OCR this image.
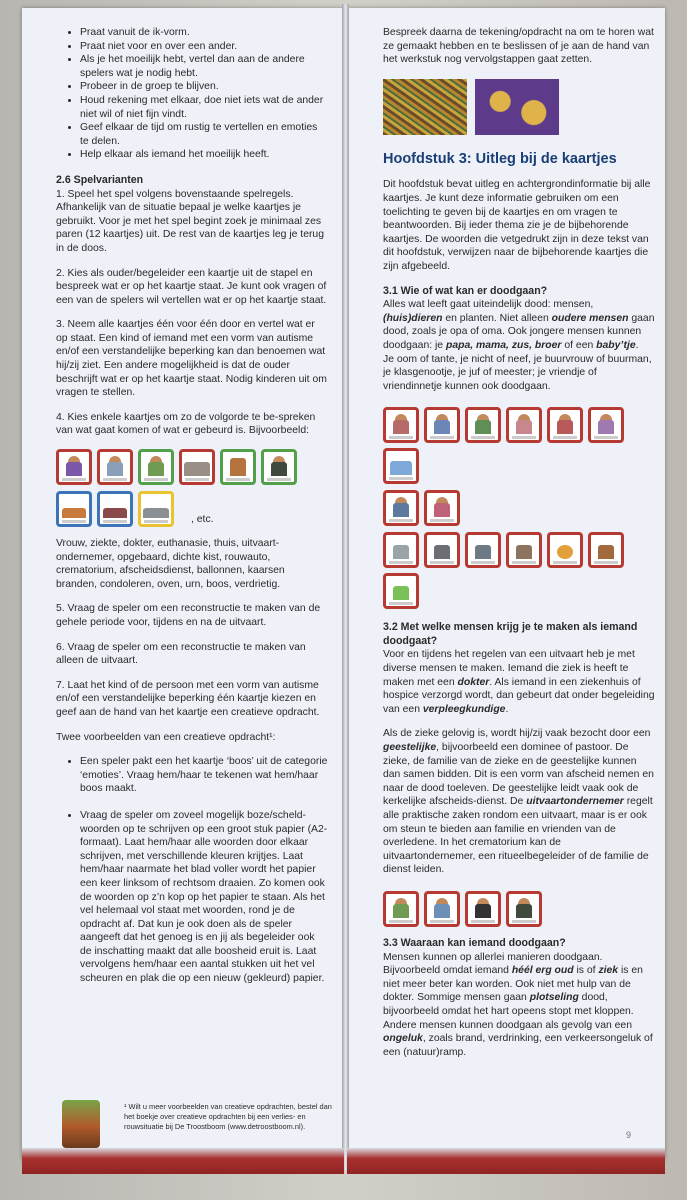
• Praat vanuit de ik-vorm.
• Praat niet voor en over een ander.
• Als je het moeilijk hebt, vertel dan aan de andere spelers wat je nodig hebt.
• Probeer in de groep te blijven.
• Houd rekening met elkaar, doe niet iets wat de ander niet wil of niet fijn vindt.
• Geef elkaar de tijd om rustig te vertellen en emoties te delen.
• Help elkaar als iemand het moeilijk heeft.
2.6 Spelvarianten

1. Speel het spel volgens bovenstaande spelregels. Afhankelijk van de situatie bepaal je welke kaartjes je gebruikt. Voor je met het spel begint zoek je minimaal zes paren (12 kaartjes) uit. De rest van de kaartjes leg je terug in de doos.

2. Kies als ouder/begeleider een kaartje uit de stapel en bespreek wat er op het kaartje staat. Je kunt ook vragen of een van de spelers wil vertellen wat er op het kaartje staat.

3. Neem alle kaartjes één voor één door en vertel wat er op staat. Een kind of iemand met een vorm van autisme en/of een verstandelijke beperking kan dan benoemen wat hij/zij ziet. Een andere mogelijkheid is dat de ouder beschrijft wat er op het kaartje staat. Nodig kinderen uit om vragen te stellen.

4. Kies enkele kaartjes om zo de volgorde te be-spreken van wat gaat komen of wat er gebeurd is. Bijvoorbeeld:

, etc.

Vrouw, ziekte, dokter, euthanasie, thuis, uitvaart-ondernemer, opgebaard, dichte kist, rouwauto, crematorium, afscheidsdienst, ballonnen, kaarsen branden, condoleren, oven, urn, boos, verdrietig.

5. Vraag de speler om een reconstructie te maken van de gehele periode voor, tijdens en na de uitvaart.

6. Vraag de speler om een reconstructie te maken van alleen de uitvaart.

7. Laat het kind of de persoon met een vorm van autisme en/of een verstandelijke beperking één kaartje kiezen en geef aan de hand van het kaartje een creatieve opdracht.

Twee voorbeelden van een creatieve opdracht¹:

• Een speler pakt een het kaartje ‘boos’ uit de categorie ‘emoties’. Vraag hem/haar te tekenen wat hem/haar boos maakt.
• Vraag de speler om zoveel mogelijk boze/scheld-woorden op te schrijven op een groot stuk papier (A2-formaat). Laat hem/haar alle woorden door elkaar schrijven, met verschillende kleuren krijtjes. Laat hem/haar naarmate het blad voller wordt het papier een keer linksom of rechtsom draaien. Zo komen ook de woorden op z’n kop op het papier te staan. Als het vel helemaal vol staat met woorden, rond je de opdracht af. Dat kun je ook doen als de speler aangeeft dat het genoeg is en jij als begeleider ook de inschatting maakt dat alle boosheid eruit is. Laat vervolgens hem/haar een aantal stukken uit het vel scheuren en plak die op een nieuw (gekleurd) papier.
¹ Wilt u meer voorbeelden van creatieve opdrachten, bestel dan het boekje over creatieve opdrachten bij een verlies- en rouwsituatie bij De Troostboom (www.detroostboom.nl).

Bespreek daarna de tekening/opdracht na om te horen wat ze gemaakt hebben en te beslissen of je aan de hand van het werkstuk nog vervolgstappen gaat zetten.

Hoofdstuk 3: Uitleg bij de kaartjes

Dit hoofdstuk bevat uitleg en achtergrondinformatie bij alle kaartjes. Je kunt deze informatie gebruiken om een toelichting te geven bij de kaartjes en om vragen te beantwoorden. Bij ieder thema zie je de bijbehorende kaartjes. De woorden die vetgedrukt zijn in deze tekst van dit hoofdstuk, verwijzen naar de bijbehorende kaartjes die zijn afgebeeld.

3.1 Wie of wat kan er doodgaan?

Alles wat leeft gaat uiteindelijk dood: mensen, (huis)dieren en planten. Niet alleen oudere mensen gaan dood, zoals je opa of oma. Ook jongere mensen kunnen doodgaan: je papa, mama, zus, broer of een baby’tje.

Je oom of tante, je nicht of neef, je buurvrouw of buurman, je klasgenootje, je juf of meester; je vriendje of vriendinnetje kunnen ook doodgaan.

3.2 Met welke mensen krijg je te maken als iemand doodgaat?

Voor en tijdens het regelen van een uitvaart heb je met diverse mensen te maken. Iemand die ziek is heeft te maken met een dokter. Als iemand in een ziekenhuis of hospice verzorgd wordt, dan gebeurt dat onder begeleiding van een verpleegkundige.

Als de zieke gelovig is, wordt hij/zij vaak bezocht door een geestelijke, bijvoorbeeld een dominee of pastoor. De zieke, de familie van de zieke en de geestelijke kunnen dan samen bidden. Dit is een vorm van afscheid nemen en naar de dood toeleven. De geestelijke leidt vaak ook de kerkelijke afscheids-dienst. De uitvaartondernemer regelt alle praktische zaken rondom een uitvaart, maar is er ook om steun te bieden aan familie en vrienden van de overledene. In het crematorium kan de uitvaartondernemer, een ritueelbegeleider of de familie de dienst leiden.

3.3 Waaraan kan iemand doodgaan?

Mensen kunnen op allerlei manieren doodgaan. Bijvoorbeeld omdat iemand héél erg oud is of ziek is en niet meer beter kan worden. Ook niet met hulp van de dokter. Sommige mensen gaan plotseling dood, bijvoorbeeld omdat het hart opeens stopt met kloppen. Andere mensen kunnen doodgaan als gevolg van een ongeluk, zoals brand, verdrinking, een verkeersongeluk of een (natuur)ramp.

9
